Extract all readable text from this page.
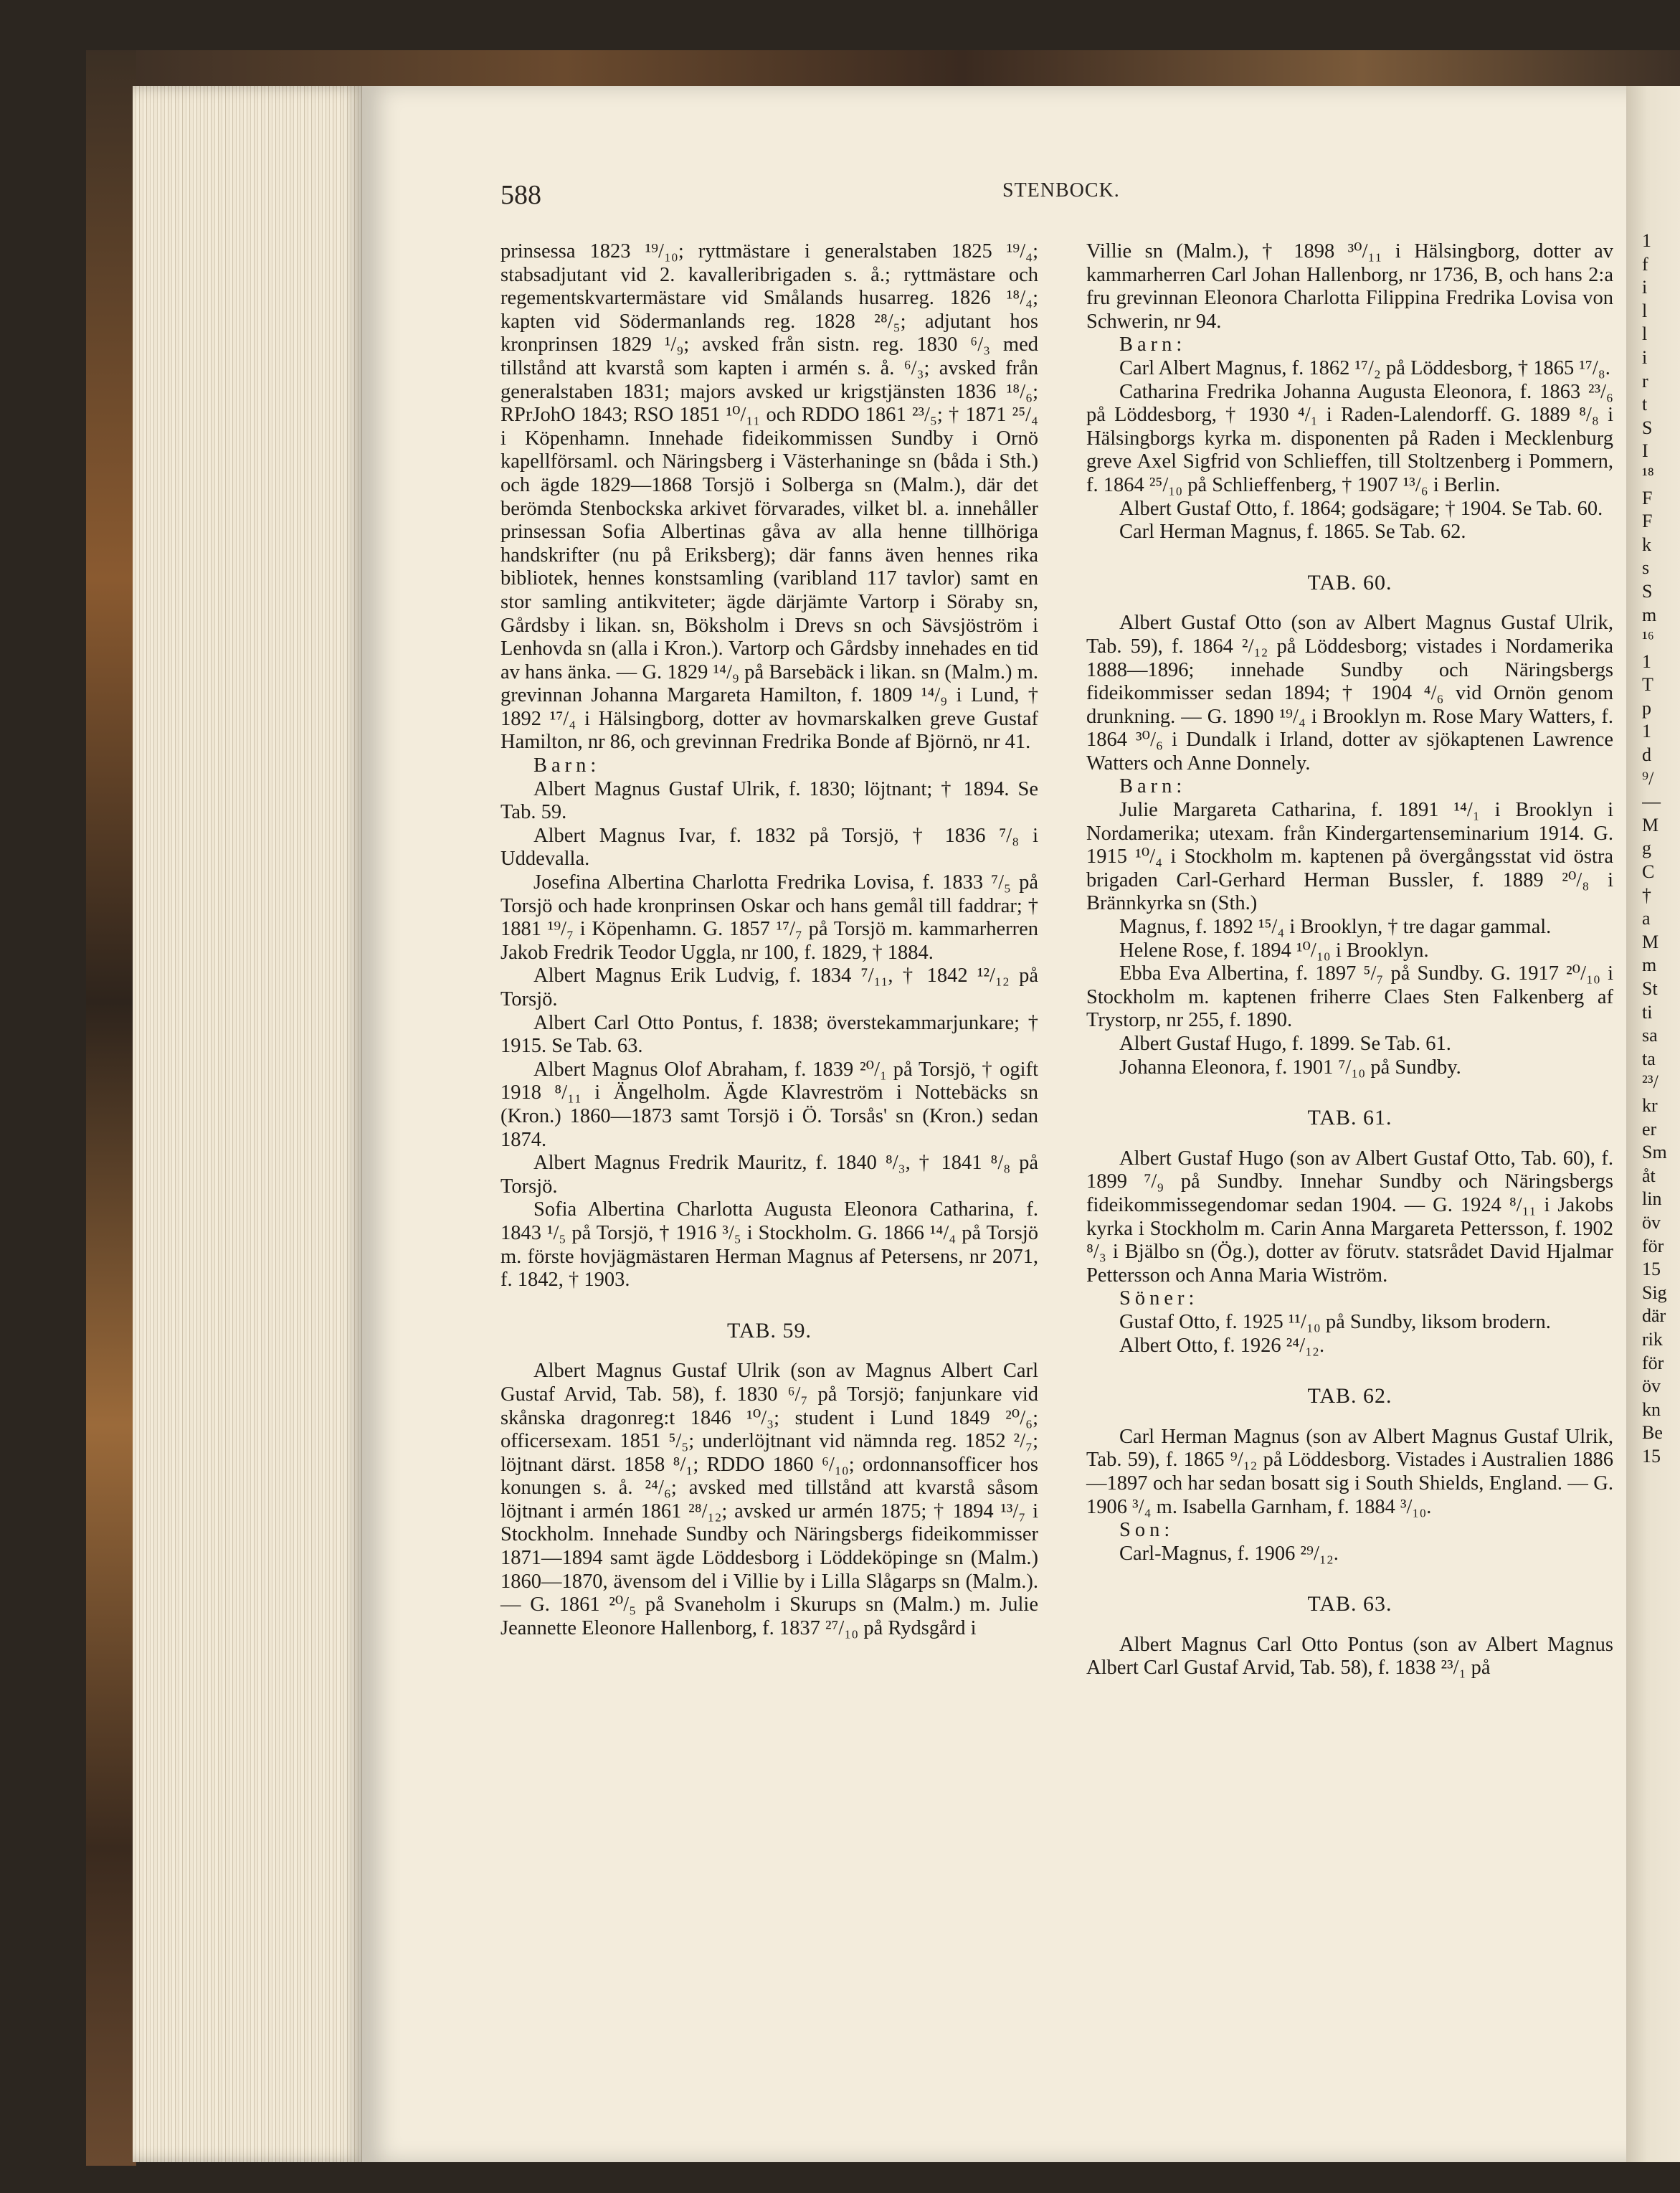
588	STENBOCK.

prinsessa 1823 ¹⁹/₁₀; ryttmästare i generalstaben 1825 ¹⁹/₄; stabsadjutant vid 2. kavalleribrigaden s. å.; ryttmästare och regementskvartermästare vid Smålands husarreg. 1826 ¹⁸/₄; kapten vid Södermanlands reg. 1828 ²⁸/₅; adjutant hos kronprinsen 1829 ¹/₉; avsked från sistn. reg. 1830 ⁶/₃ med tillstånd att kvarstå som kapten i armén s. å. ⁶/₃; avsked från generalstaben 1831; majors avsked ur krigstjänsten 1836 ¹⁸/₆; RPrJohO 1843; RSO 1851 ¹⁰/₁₁ och RDDO 1861 ²³/₅; † 1871 ²⁵/₄ i Köpenhamn. Innehade fideikommissen Sundby i Ornö kapellförsaml. och Näringsberg i Västerhaninge sn (båda i Sth.) och ägde 1829—1868 Torsjö i Solberga sn (Malm.), där det berömda Stenbockska arkivet förvarades, vilket bl. a. innehåller prinsessan Sofia Albertinas gåva av alla henne tillhöriga handskrifter (nu på Eriksberg); där fanns även hennes rika bibliotek, hennes konstsamling (varibland 117 tavlor) samt en stor samling antikviteter; ägde därjämte Vartorp i Söraby sn, Gårdsby i likan. sn, Böksholm i Drevs sn och Sävsjöström i Lenhovda sn (alla i Kron.). Vartorp och Gårdsby innehades en tid av hans änka. — G. 1829 ¹⁴/₉ på Barsebäck i likan. sn (Malm.) m. grevinnan Johanna Margareta Hamilton, f. 1809 ¹⁴/₉ i Lund, † 1892 ¹⁷/₄ i Hälsingborg, dotter av hovmarskalken greve Gustaf Hamilton, nr 86, och grevinnan Fredrika Bonde af Björnö, nr 41.

Barn:

Albert Magnus Gustaf Ulrik, f. 1830; löjtnant; † 1894. Se Tab. 59.

Albert Magnus Ivar, f. 1832 på Torsjö, † 1836 ⁷/₈ i Uddevalla.

Josefina Albertina Charlotta Fredrika Lovisa, f. 1833 ⁷/₅ på Torsjö och hade kronprinsen Oskar och hans gemål till faddrar; † 1881 ¹⁹/₇ i Köpenhamn. G. 1857 ¹⁷/₇ på Torsjö m. kammarherren Jakob Fredrik Teodor Uggla, nr 100, f. 1829, † 1884.

Albert Magnus Erik Ludvig, f. 1834 ⁷/₁₁, † 1842 ¹²/₁₂ på Torsjö.

Albert Carl Otto Pontus, f. 1838; överstekammarjunkare; † 1915. Se Tab. 63.

Albert Magnus Olof Abraham, f. 1839 ²⁰/₁ på Torsjö, † ogift 1918 ⁸/₁₁ i Ängelholm. Ägde Klavreström i Nottebäcks sn (Kron.) 1860—1873 samt Torsjö i Ö. Torsås' sn (Kron.) sedan 1874.

Albert Magnus Fredrik Mauritz, f. 1840 ⁸/₃, † 1841 ⁸/₈ på Torsjö.

Sofia Albertina Charlotta Augusta Eleonora Catharina, f. 1843 ¹/₅ på Torsjö, † 1916 ³/₅ i Stockholm. G. 1866 ¹⁴/₄ på Torsjö m. förste hovjägmästaren Herman Magnus af Petersens, nr 2071, f. 1842, † 1903.

TAB. 59.

Albert Magnus Gustaf Ulrik (son av Magnus Albert Carl Gustaf Arvid, Tab. 58), f. 1830 ⁶/₇ på Torsjö; fanjunkare vid skånska dragonreg:t 1846 ¹⁰/₃; student i Lund 1849 ²⁰/₆; officersexam. 1851 ⁵/₅; underlöjtnant vid nämnda reg. 1852 ²/₇; löjtnant därst. 1858 ⁸/₁; RDDO 1860 ⁶/₁₀; ordonnansofficer hos konungen s. å. ²⁴/₆; avsked med tillstånd att kvarstå såsom löjtnant i armén 1861 ²⁸/₁₂; avsked ur armén 1875; † 1894 ¹³/₇ i Stockholm. Innehade Sundby och Näringsbergs fideikommisser 1871—1894 samt ägde Löddesborg i Löddeköpinge sn (Malm.) 1860—1870, ävensom del i Villie by i Lilla Slågarps sn (Malm.). — G. 1861 ²⁰/₅ på Svaneholm i Skurups sn (Malm.) m. Julie Jeannette Eleonore Hallenborg, f. 1837 ²⁷/₁₀ på Rydsgård i

Villie sn (Malm.), † 1898 ³⁰/₁₁ i Hälsingborg, dotter av kammarherren Carl Johan Hallenborg, nr 1736, B, och hans 2:a fru grevinnan Eleonora Charlotta Filippina Fredrika Lovisa von Schwerin, nr 94.

Barn:

Carl Albert Magnus, f. 1862 ¹⁷/₂ på Löddesborg, † 1865 ¹⁷/₈.

Catharina Fredrika Johanna Augusta Eleonora, f. 1863 ²³/₆ på Löddesborg, † 1930 ⁴/₁ i Raden-Lalendorff. G. 1889 ⁸/₈ i Hälsingborgs kyrka m. disponenten på Raden i Mecklenburg greve Axel Sigfrid von Schlieffen, till Stoltzenberg i Pommern, f. 1864 ²⁵/₁₀ på Schlieffenberg, † 1907 ¹³/₆ i Berlin.

Albert Gustaf Otto, f. 1864; godsägare; † 1904. Se Tab. 60.

Carl Herman Magnus, f. 1865. Se Tab. 62.

TAB. 60.

Albert Gustaf Otto (son av Albert Magnus Gustaf Ulrik, Tab. 59), f. 1864 ²/₁₂ på Löddesborg; vistades i Nordamerika 1888—1896; innehade Sundby och Näringsbergs fideikommisser sedan 1894; † 1904 ⁴/₆ vid Ornön genom drunkning. — G. 1890 ¹⁹/₄ i Brooklyn m. Rose Mary Watters, f. 1864 ³⁰/₆ i Dundalk i Irland, dotter av sjökaptenen Lawrence Watters och Anne Donnely.

Barn:

Julie Margareta Catharina, f. 1891 ¹⁴/₁ i Brooklyn i Nordamerika; utexam. från Kindergartenseminarium 1914. G. 1915 ¹⁰/₄ i Stockholm m. kaptenen på övergångsstat vid östra brigaden Carl-Gerhard Herman Bussler, f. 1889 ²⁰/₈ i Brännkyrka sn (Sth.)

Magnus, f. 1892 ¹⁵/₄ i Brooklyn, † tre dagar gammal.

Helene Rose, f. 1894 ¹⁰/₁₀ i Brooklyn.

Ebba Eva Albertina, f. 1897 ⁵/₇ på Sundby. G. 1917 ²⁰/₁₀ i Stockholm m. kaptenen friherre Claes Sten Falkenberg af Trystorp, nr 255, f. 1890.

Albert Gustaf Hugo, f. 1899. Se Tab. 61.

Johanna Eleonora, f. 1901 ⁷/₁₀ på Sundby.

TAB. 61.

Albert Gustaf Hugo (son av Albert Gustaf Otto, Tab. 60), f. 1899 ⁷/₉ på Sundby. Innehar Sundby och Näringsbergs fideikommissegendomar sedan 1904. — G. 1924 ⁸/₁₁ i Jakobs kyrka i Stockholm m. Carin Anna Margareta Pettersson, f. 1902 ⁸/₃ i Bjälbo sn (Ög.), dotter av förutv. statsrådet David Hjalmar Pettersson och Anna Maria Wiström.

Söner:

Gustaf Otto, f. 1925 ¹¹/₁₀ på Sundby, liksom brodern.

Albert Otto, f. 1926 ²⁴/₁₂.

TAB. 62.

Carl Herman Magnus (son av Albert Magnus Gustaf Ulrik, Tab. 59), f. 1865 ⁹/₁₂ på Löddesborg. Vistades i Australien 1886—1897 och har sedan bosatt sig i South Shields, England. — G. 1906 ³/₄ m. Isabella Garnham, f. 1884 ³/₁₀.

Son:

Carl-Magnus, f. 1906 ²⁹/₁₂.

TAB. 63.

Albert Magnus Carl Otto Pontus (son av Albert Magnus Albert Carl Gustaf Arvid, Tab. 58), f. 1838 ²³/₁ på

1
f
i
l
l
i
r
t
S
I
¹⁸
F
F
k
s
S
m
¹⁶
1
T
p
1
d
⁹/
—
M
g
C
†
a
M
m
St
ti
sa
ta
²³/
kr
er
Sm
åt
lin
öv
för
15
Sig
där
rik
för
öv
kn
Be
15
